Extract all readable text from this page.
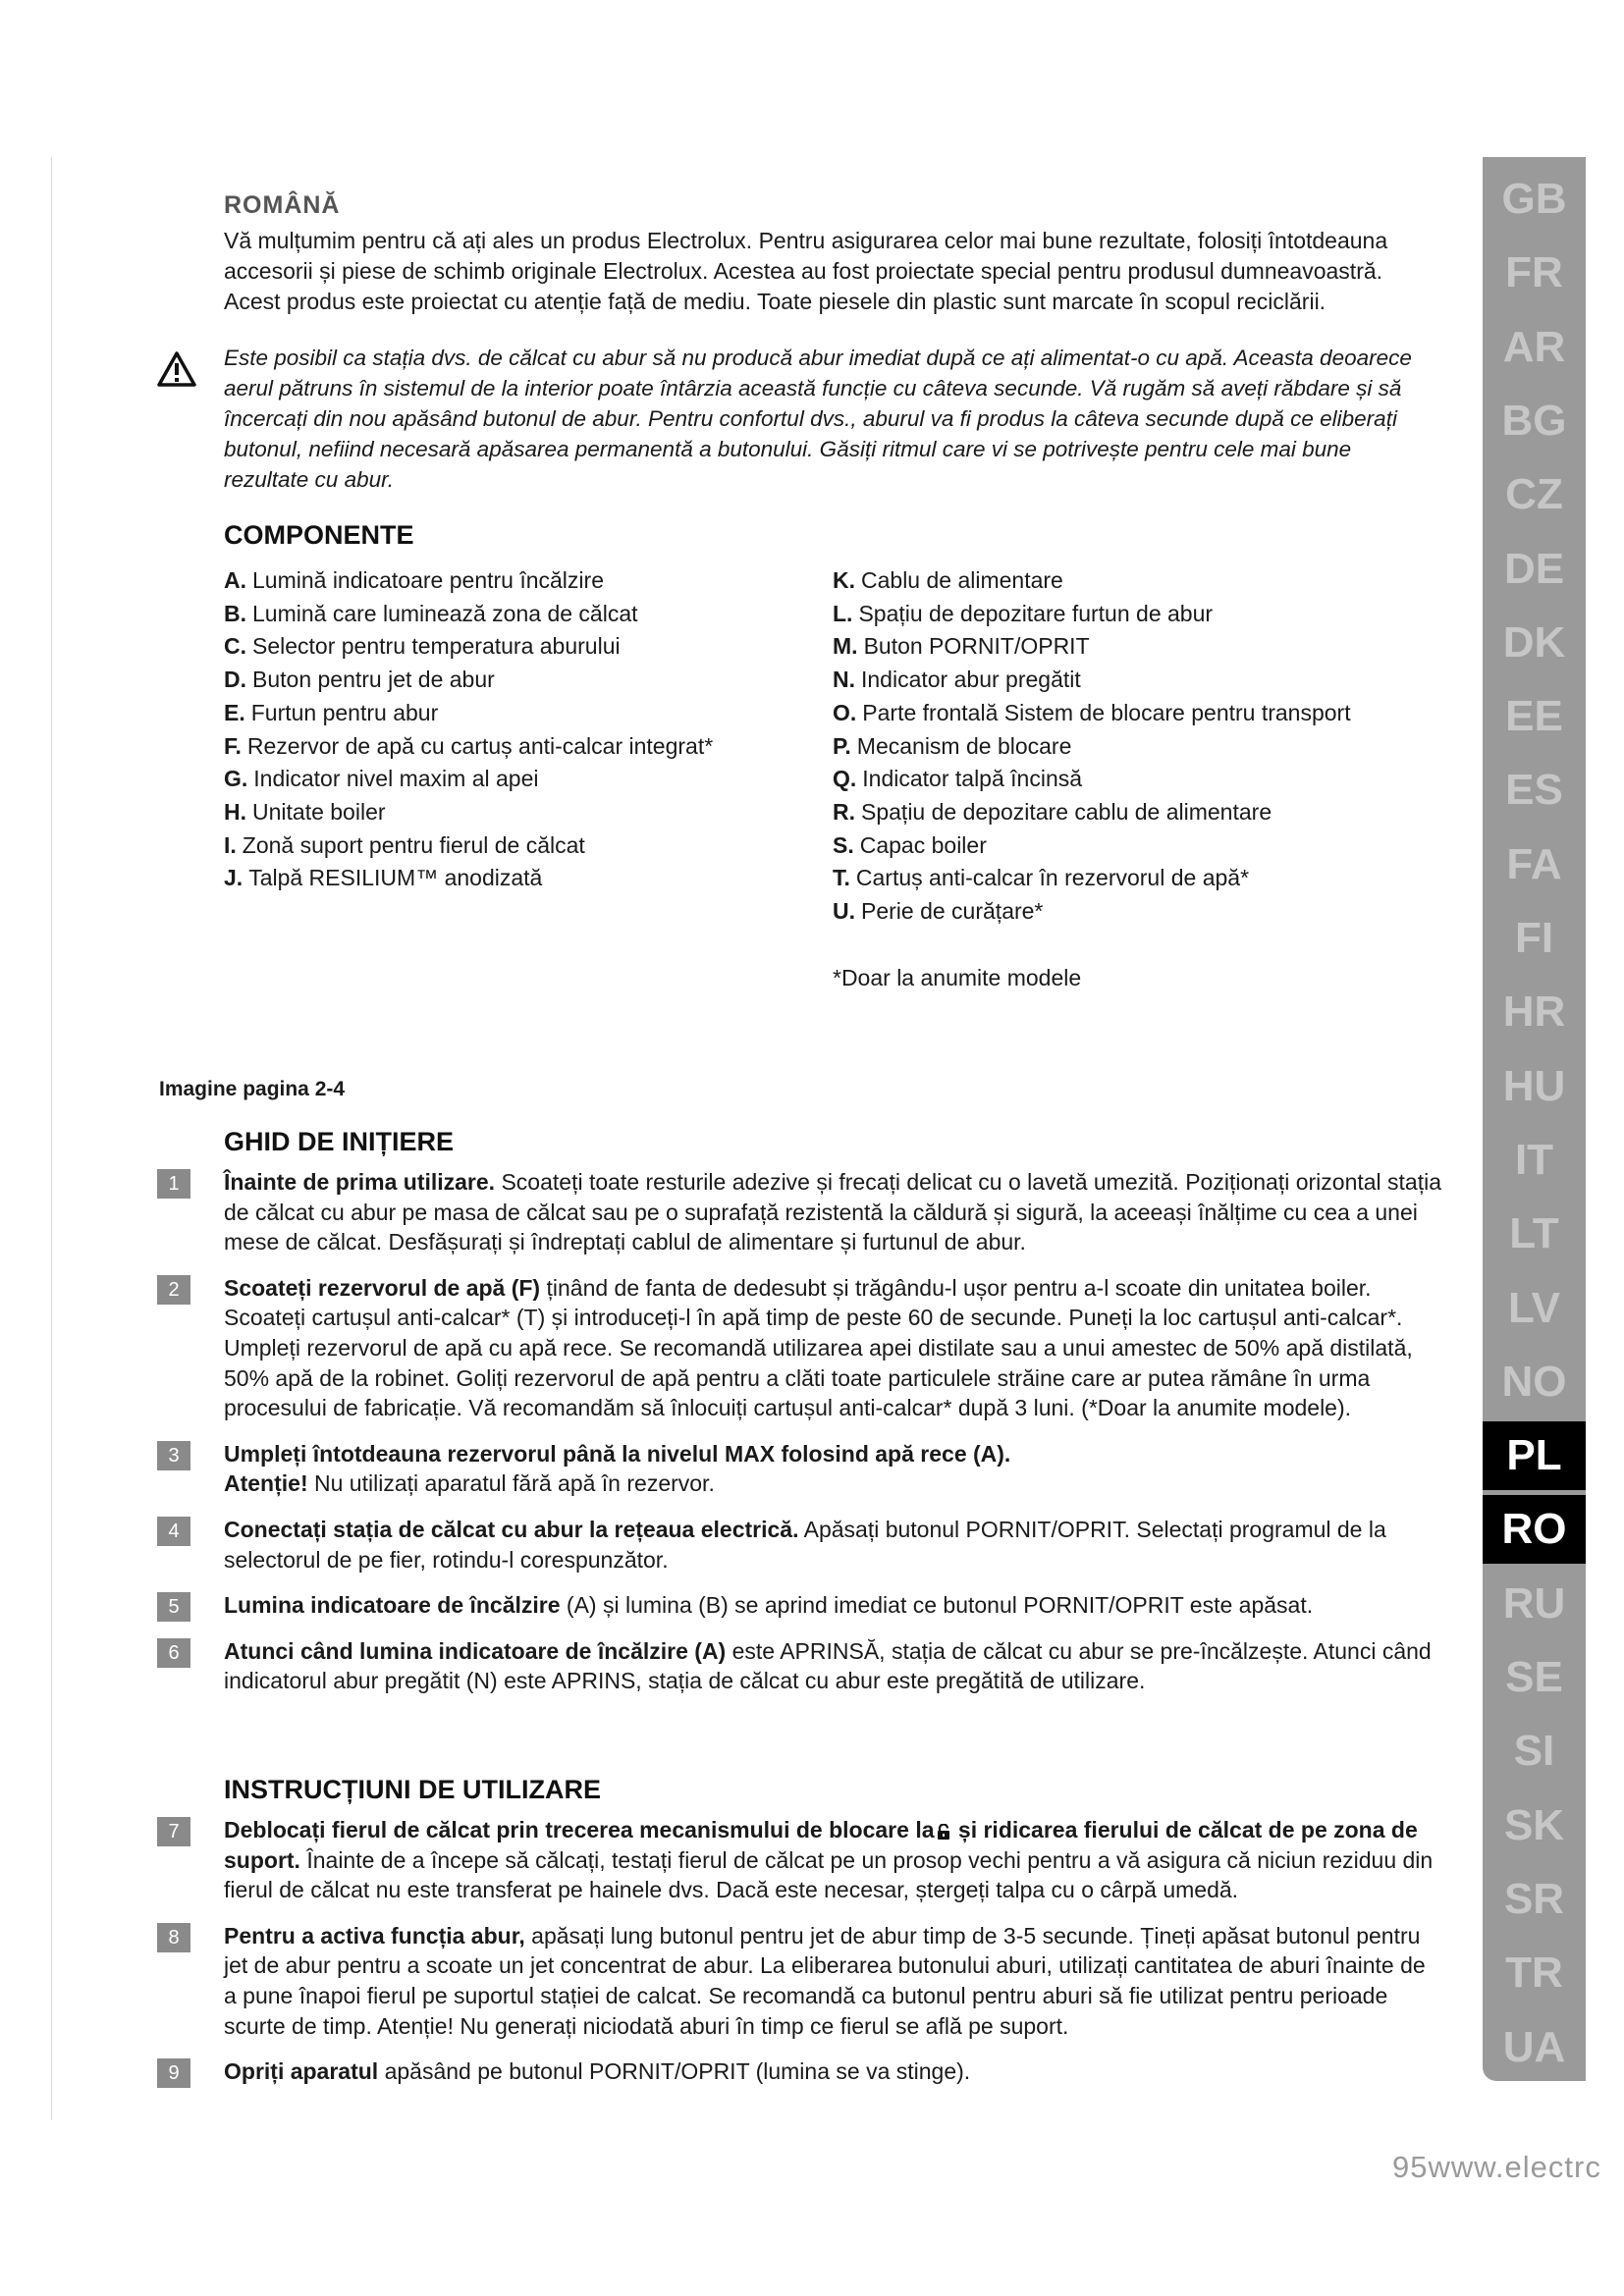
ROMÂNĂ

Vă mulțumim pentru că ați ales un produs Electrolux. Pentru asigurarea celor mai bune rezultate, folosiți întotdeauna accesorii și piese de schimb originale Electrolux. Acestea au fost proiectate special pentru produsul dumneavoastră. Acest produs este proiectat cu atenție față de mediu. Toate piesele din plastic sunt marcate în scopul reciclării.

Este posibil ca stația dvs. de călcat cu abur să nu producă abur imediat după ce ați alimentat-o cu apă. Aceasta deoarece aerul pătruns în sistemul de la interior poate întârzia această funcție cu câteva secunde. Vă rugăm să aveți răbdare și să încercați din nou apăsând butonul de abur. Pentru confortul dvs., aburul va fi produs la câteva secunde după ce eliberați butonul, nefiind necesară apăsarea permanentă a butonului. Găsiți ritmul care vi se potrivește pentru cele mai bune rezultate cu abur.

COMPONENTE
A. Lumină indicatoare pentru încălzire
B. Lumină care luminează zona de călcat
C. Selector pentru temperatura aburului
D. Buton pentru jet de abur
E. Furtun pentru abur
F. Rezervor de apă cu cartuș anti-calcar integrat*
G. Indicator nivel maxim al apei
H. Unitate boiler
I. Zonă suport pentru fierul de călcat
J. Talpă RESILIUM™ anodizată
K. Cablu de alimentare
L. Spațiu de depozitare furtun de abur
M. Buton PORNIT/OPRIT
N. Indicator abur pregătit
O. Parte frontală Sistem de blocare pentru transport
P. Mecanism de blocare
Q. Indicator talpă încinsă
R. Spațiu de depozitare cablu de alimentare
S. Capac boiler
T. Cartuș anti-calcar în rezervorul de apă*
U. Perie de curățare*
*Doar la anumite modele
Imagine pagina 2-4
GHID DE INIȚIERE
1	Înainte de prima utilizare. Scoateți toate resturile adezive și frecați delicat cu o lavetă umezită. Poziționați orizontal stația de călcat cu abur pe masa de călcat sau pe o suprafață rezistentă la căldură și sigură, la aceeași înălțime cu cea a unei mese de călcat. Desfășurați și îndreptați cablul de alimentare și furtunul de abur.

2	Scoateți rezervorul de apă (F) ținând de fanta de dedesubt și trăgându-l ușor pentru a-l scoate din unitatea boiler. Scoateți cartușul anti-calcar* (T) și introduceți-l în apă timp de peste 60 de secunde. Puneți la loc cartușul anti-calcar*. Umpleți rezervorul de apă cu apă rece. Se recomandă utilizarea apei distilate sau a unui amestec de 50% apă distilată, 50% apă de la robinet. Goliți rezervorul de apă pentru a clăti toate particulele străine care ar putea rămâne în urma procesului de fabricație. Vă recomandăm să înlocuiți cartușul anti-calcar* după 3 luni. (*Doar la anumite modele).

3	Umpleți întotdeauna rezervorul până la nivelul MAX folosind apă rece (A).
Atenție! Nu utilizați aparatul fără apă în rezervor.

4	Conectați stația de călcat cu abur la rețeaua electrică. Apăsați butonul PORNIT/OPRIT. Selectați programul de la selectorul de pe fier, rotindu-l corespunzător.

5	Lumina indicatoare de încălzire (A) și lumina (B) se aprind imediat ce butonul PORNIT/OPRIT este apăsat.

6	Atunci când lumina indicatoare de încălzire (A) este APRINSĂ, stația de călcat cu abur se pre-încălzește. Atunci când indicatorul abur pregătit (N) este APRINS, stația de călcat cu abur este pregătită de utilizare.

INSTRUCȚIUNI DE UTILIZARE
7	Deblocați fierul de călcat prin trecerea mecanismului de blocare la și ridicarea fierului de călcat de pe zona de suport. Înainte de a începe să călcați, testați fierul de călcat pe un prosop vechi pentru a vă asigura că niciun reziduu din fierul de călcat nu este transferat pe hainele dvs. Dacă este necesar, ștergeți talpa cu o cârpă umedă.

8	Pentru a activa funcția abur, apăsați lung butonul pentru jet de abur timp de 3-5 secunde. Țineți apăsat butonul pentru jet de abur pentru a scoate un jet concentrat de abur. La eliberarea butonului aburi, utilizați cantitatea de aburi înainte de a pune înapoi fierul pe suportul stației de calcat. Se recomandă ca butonul pentru aburi să fie utilizat pentru perioade scurte de timp. Atenție! Nu generați niciodată aburi în timp ce fierul se află pe suport.

9	Opriți aparatul apăsând pe butonul PORNIT/OPRIT (lumina se va stinge).

GB
FR
AR
BG
CZ
DE
DK
EE
ES
FA
FI
HR
HU
IT
LT
LV
NO
PL
RO
RU
SE
SI
SK
SR
TR
UA
95www.electrc
